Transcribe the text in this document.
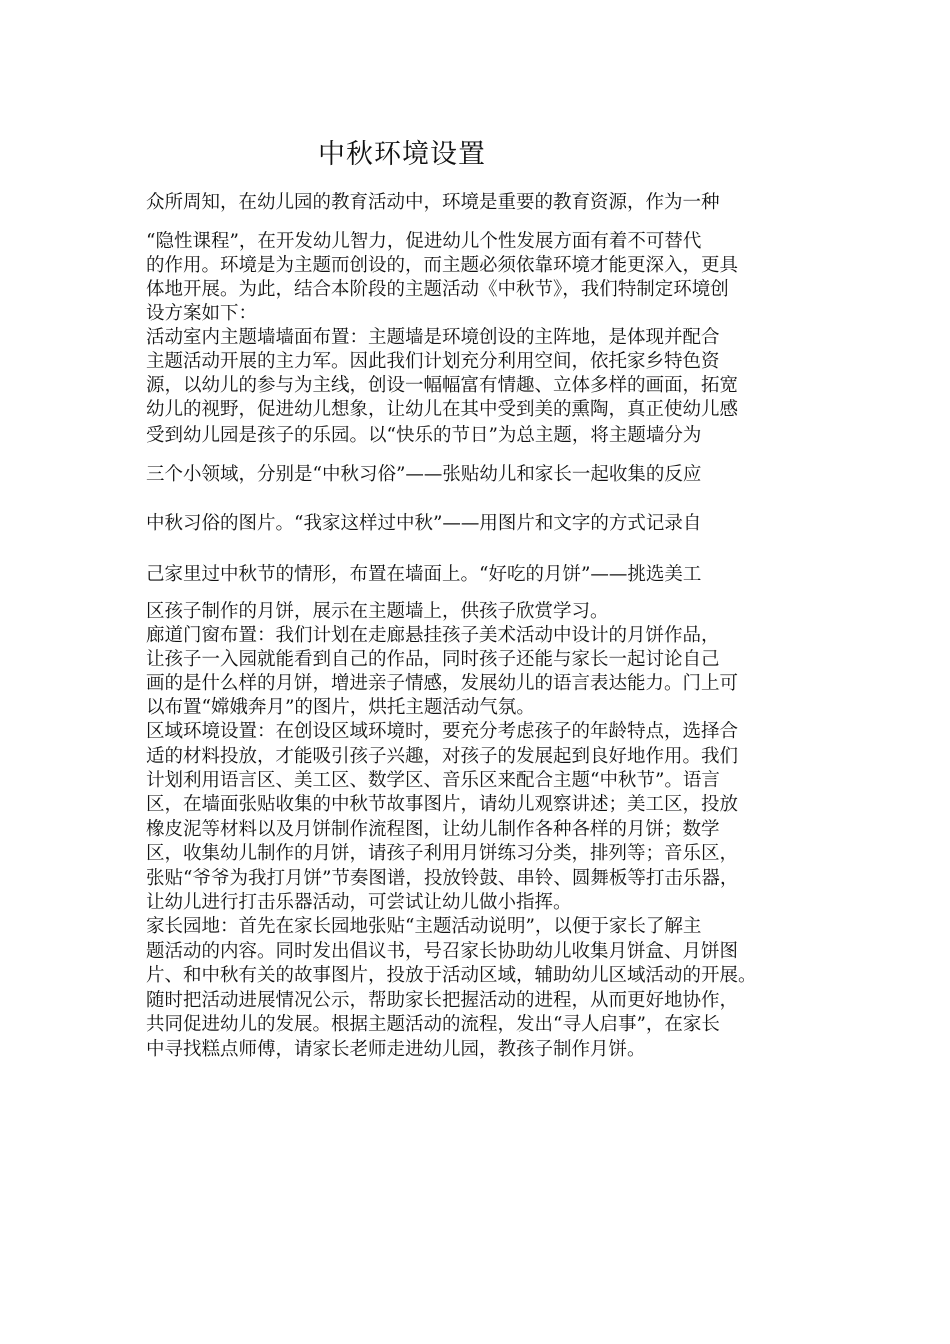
中秋环境设置

众所周知，在幼儿园的教育活动中，环境是重要的教育资源，作为一种

“隐性课程”，在开发幼儿智力，促进幼儿个性发展方面有着不可替代

的作用。环境是为主题而创设的，而主题必须依靠环境才能更深入，更具

体地开展。为此，结合本阶段的主题活动《中秋节》，我们特制定环境创

设方案如下：

活动室内主题墙墙面布置：主题墙是环境创设的主阵地，是体现并配合

主题活动开展的主力军。因此我们计划充分利用空间，依托家乡特色资

源，以幼儿的参与为主线，创设一幅幅富有情趣、立体多样的画面，拓宽

幼儿的视野，促进幼儿想象，让幼儿在其中受到美的熏陶，真正使幼儿感

受到幼儿园是孩子的乐园。以“快乐的节日”为总主题，将主题墙分为

三个小领域，分别是“中秋习俗”——张贴幼儿和家长一起收集的反应

中秋习俗的图片。“我家这样过中秋”——用图片和文字的方式记录自

己家里过中秋节的情形，布置在墙面上。“好吃的月饼”——挑选美工

区孩子制作的月饼，展示在主题墙上，供孩子欣赏学习。

廊道门窗布置：我们计划在走廊悬挂孩子美术活动中设计的月饼作品，

让孩子一入园就能看到自己的作品，同时孩子还能与家长一起讨论自己

画的是什么样的月饼，增进亲子情感，发展幼儿的语言表达能力。门上可

以布置“嫦娥奔月”的图片，烘托主题活动气氛。

区域环境设置：在创设区域环境时，要充分考虑孩子的年龄特点，选择合

适的材料投放，才能吸引孩子兴趣，对孩子的发展起到良好地作用。我们

计划利用语言区、美工区、数学区、音乐区来配合主题“中秋节”。语言

区，在墙面张贴收集的中秋节故事图片，请幼儿观察讲述；美工区，投放

橡皮泥等材料以及月饼制作流程图，让幼儿制作各种各样的月饼；数学

区，收集幼儿制作的月饼，请孩子利用月饼练习分类，排列等；音乐区，

张贴“爷爷为我打月饼”节奏图谱，投放铃鼓、串铃、圆舞板等打击乐器，

让幼儿进行打击乐器活动，可尝试让幼儿做小指挥。

家长园地：首先在家长园地张贴“主题活动说明”，以便于家长了解主

题活动的内容。同时发出倡议书，号召家长协助幼儿收集月饼盒、月饼图

片、和中秋有关的故事图片，投放于活动区域，辅助幼儿区域活动的开展。

随时把活动进展情况公示，帮助家长把握活动的进程，从而更好地协作，

共同促进幼儿的发展。根据主题活动的流程，发出“寻人启事”，在家长

中寻找糕点师傅，请家长老师走进幼儿园，教孩子制作月饼。
